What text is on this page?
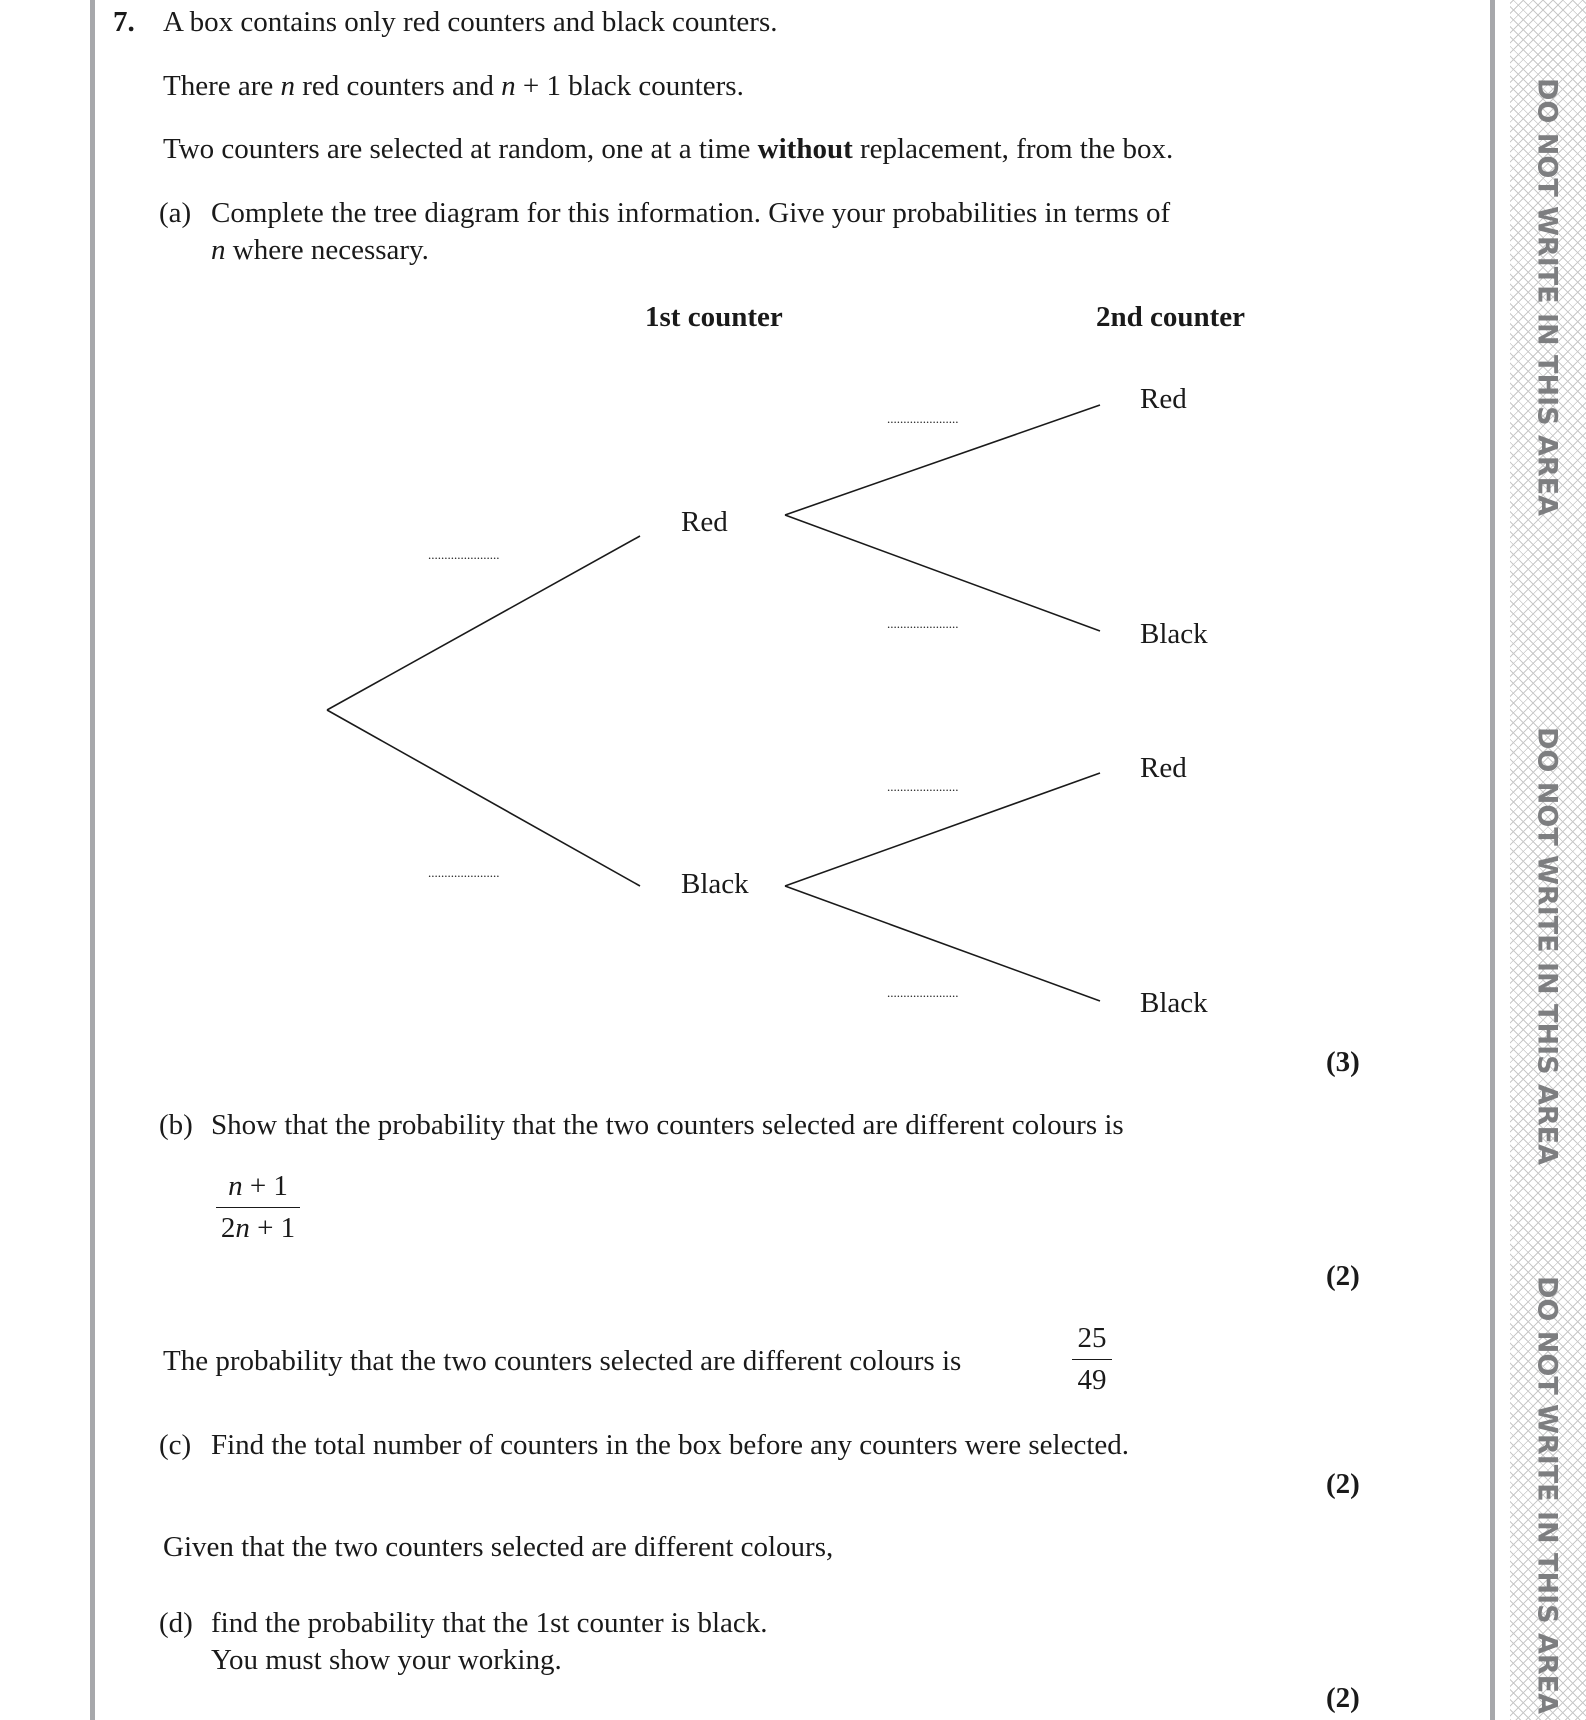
DO NOT WRITE IN THIS AREA
DO NOT WRITE IN THIS AREA
DO NOT WRITE IN THIS AREA
7. A box contains only red counters and black counters.
There are n red counters and n + 1 black counters.
Two counters are selected at random, one at a time without replacement, from the box.
(a) Complete the tree diagram for this information. Give your probabilities in terms of
n where necessary.
1st counter	2nd counter
Red
Black
Red
Black
Red
Black
......................
......................
......................
......................
......................
......................
(3)
(b) Show that the probability that the two counters selected are different colours is
n + 1
2n + 1
(2)
The probability that the two counters selected are different colours is
25
49
(c) Find the total number of counters in the box before any counters were selected.
(2)
Given that the two counters selected are different colours,
(d) find the probability that the 1st counter is black.
You must show your working.
(2)
